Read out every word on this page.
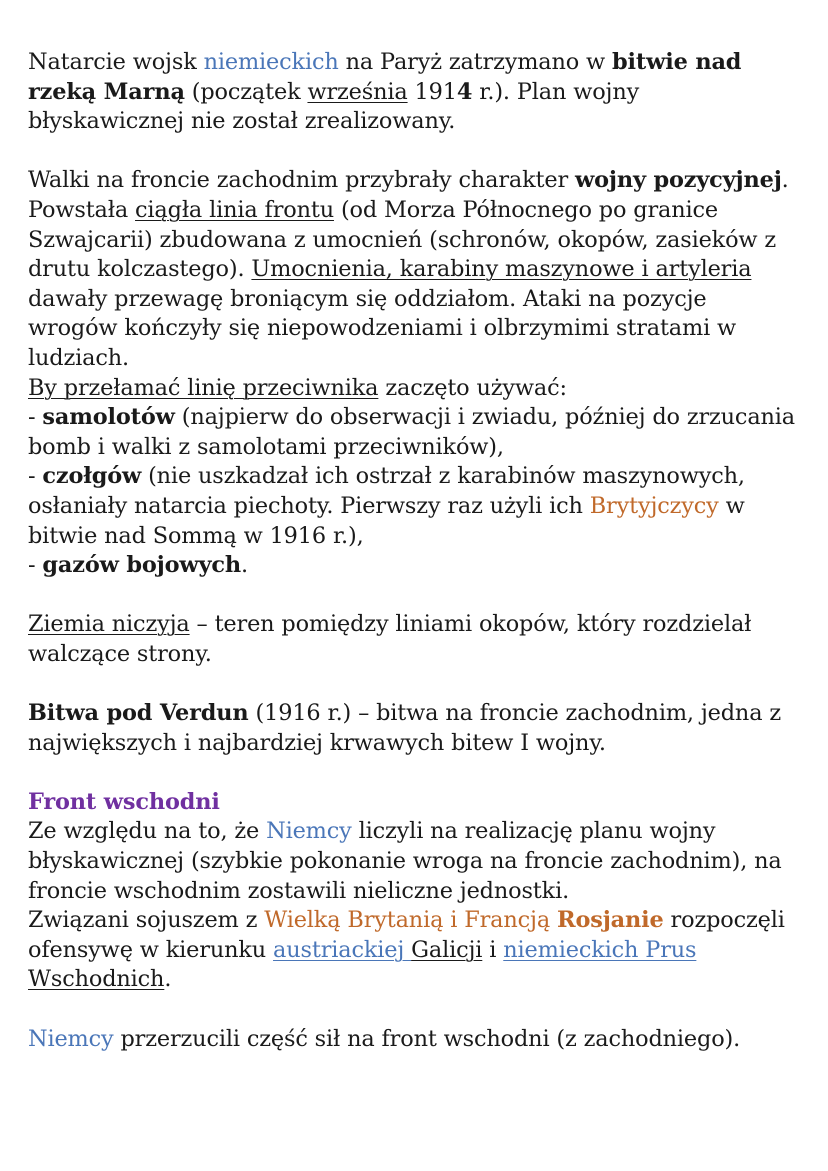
Natarcie wojsk niemieckich na Paryż zatrzymano w bitwie nad rzeką Marną (początek września 1914 r.). Plan wojny błyskawicznej nie został zrealizowany.

Walki na froncie zachodnim przybrały charakter wojny pozycyjnej.

Powstała ciągła linia frontu (od Morza Północnego po granice Szwajcarii) zbudowana z umocnień (schronów, okopów, zasieków z drutu kolczastego). Umocnienia, karabiny maszynowe i artyleria dawały przewagę broniącym się oddziałom. Ataki na pozycje wrogów kończyły się niepowodzeniami i olbrzymimi stratami w ludziach.

By przełamać linię przeciwnika zaczęto używać:

- samolotów (najpierw do obserwacji i zwiadu, później do zrzucania bomb i walki z samolotami przeciwników),

- czołgów (nie uszkadzał ich ostrzał z karabinów maszynowych, osłaniały natarcia piechoty. Pierwszy raz użyli ich Brytyjczycy w bitwie nad Sommą w 1916 r.),

- gazów bojowych.

Ziemia niczyja – teren pomiędzy liniami okopów, który rozdzielał walczące strony.

Bitwa pod Verdun (1916 r.) – bitwa na froncie zachodnim, jedna z największych i najbardziej krwawych bitew I wojny.

Front wschodni

Ze względu na to, że Niemcy liczyli na realizację planu wojny błyskawicznej (szybkie pokonanie wroga na froncie zachodnim), na froncie wschodnim zostawili nieliczne jednostki.

Związani sojuszem z Wielką Brytanią i Francją Rosjanie rozpoczęli ofensywę w kierunku austriackiej Galicji i niemieckich Prus Wschodnich.

Niemcy przerzucili część sił na front wschodni (z zachodniego).
